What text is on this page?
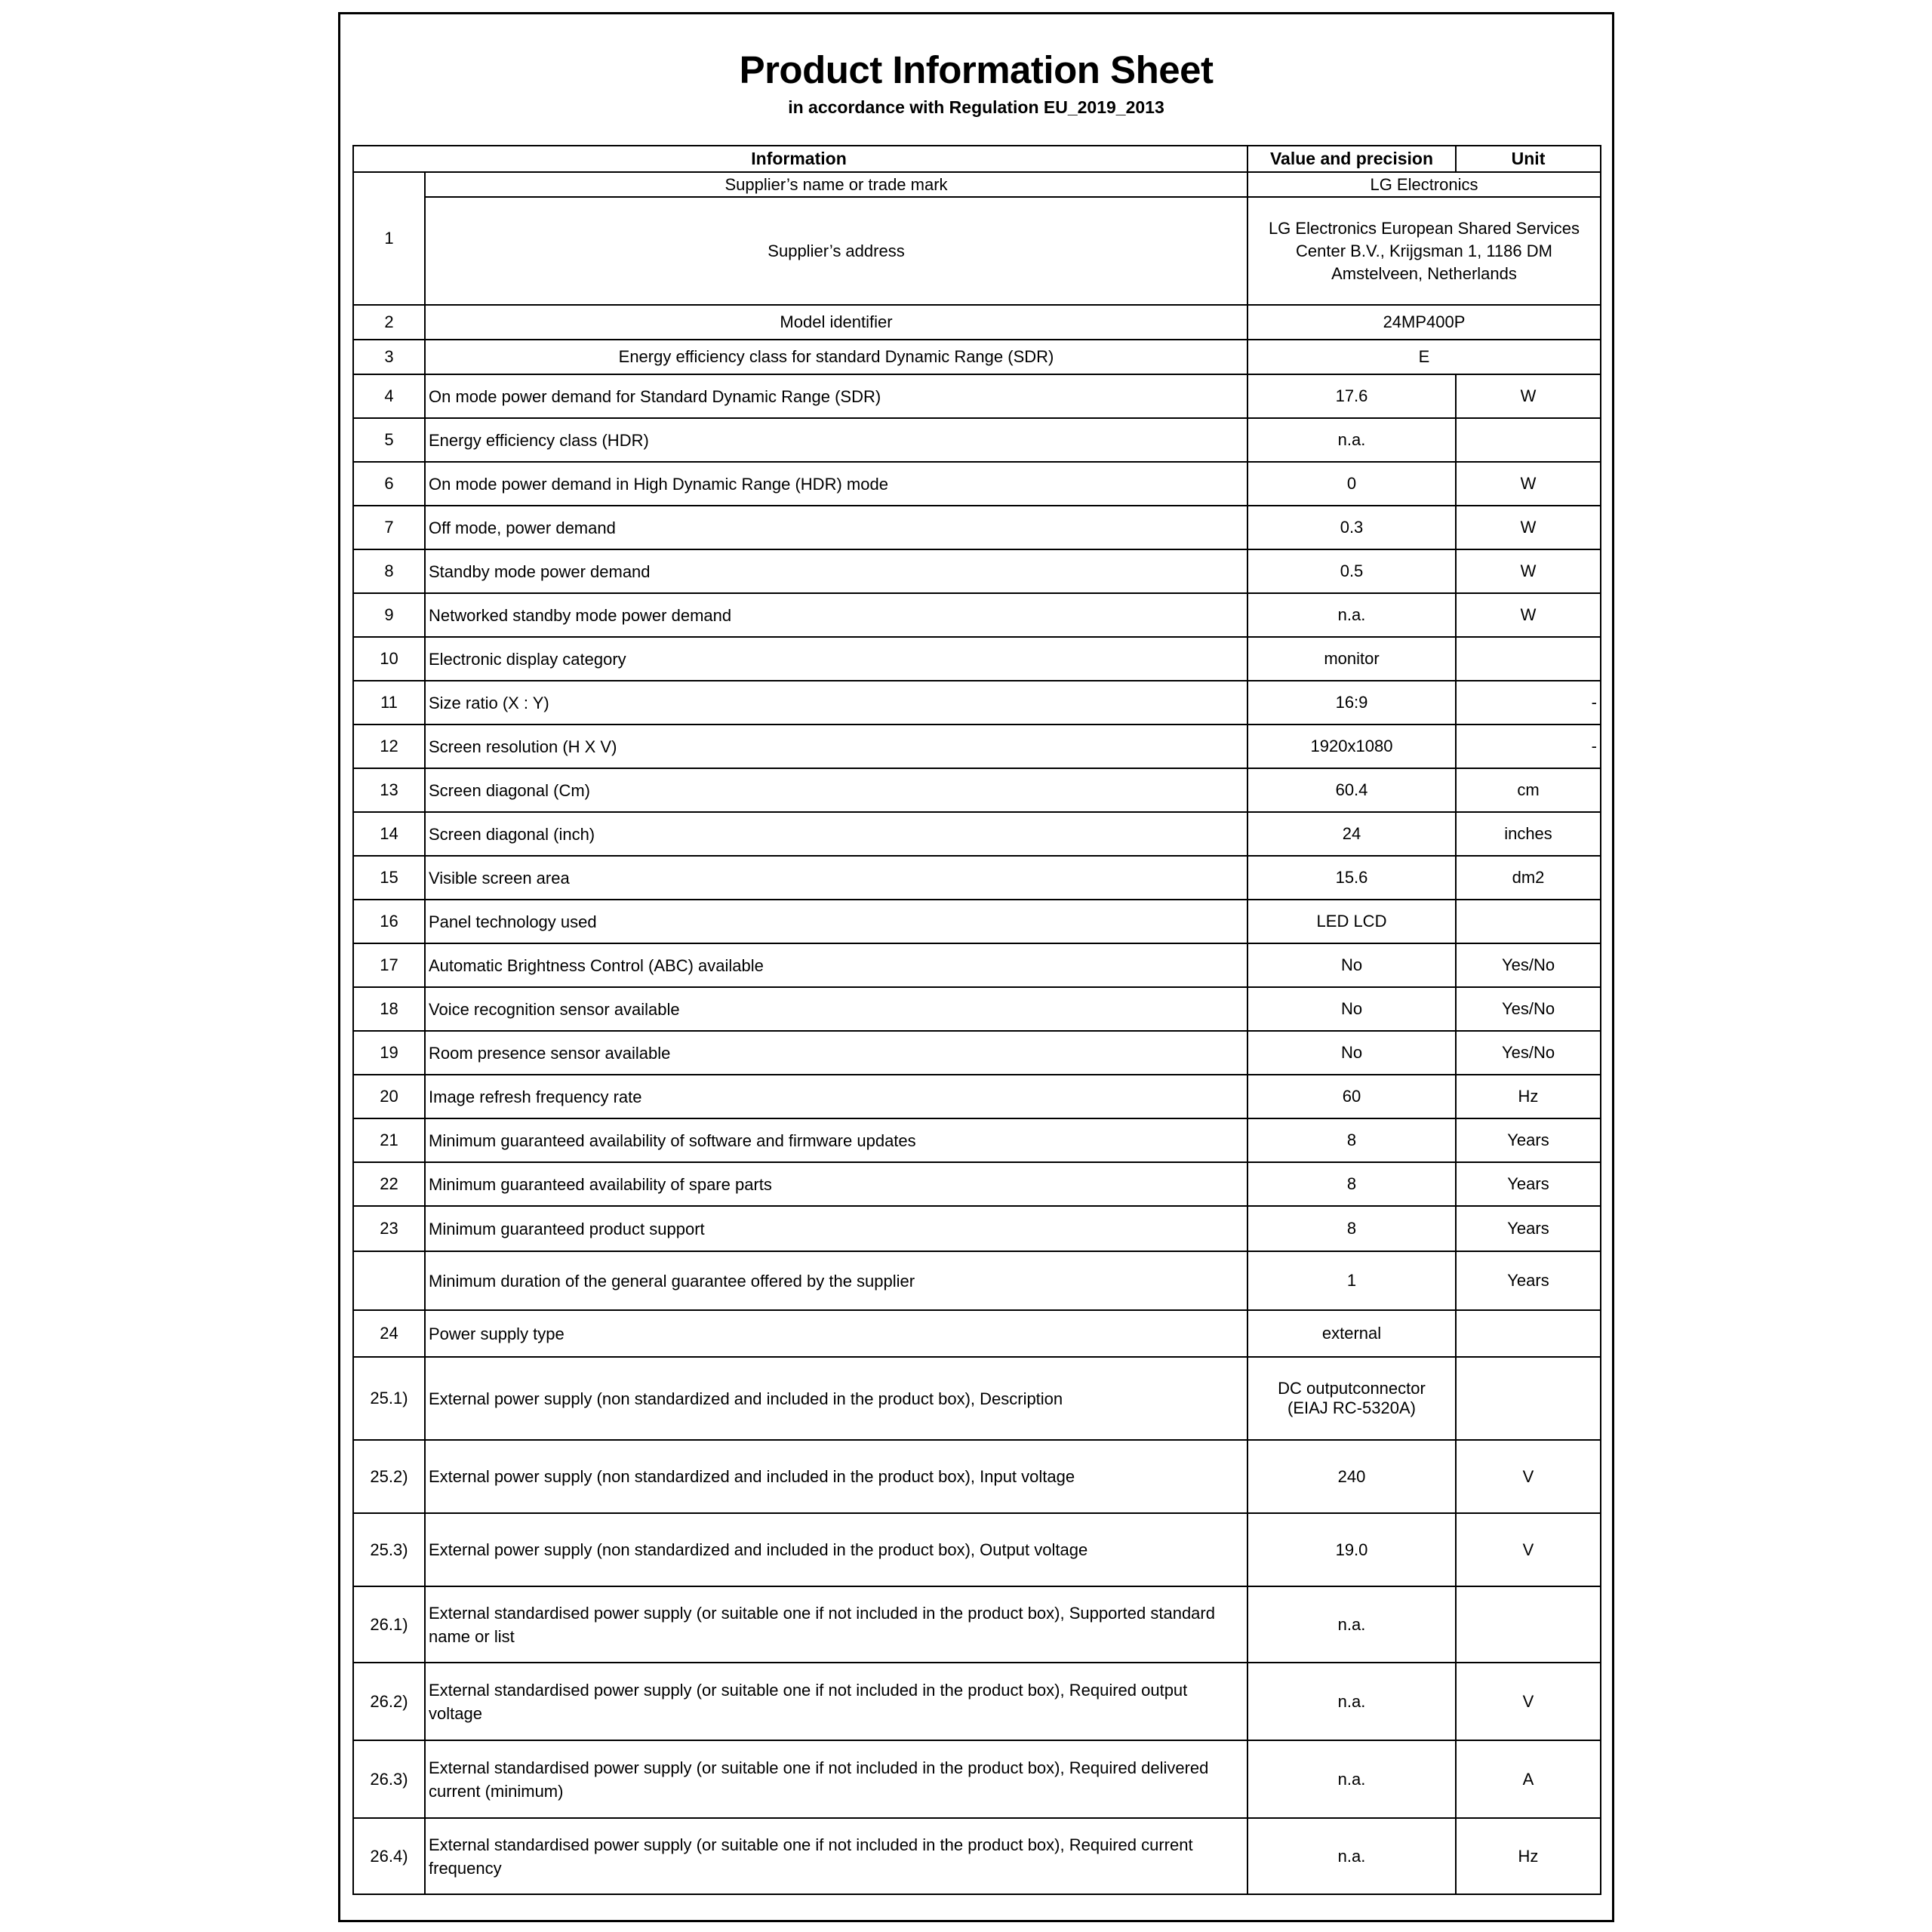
Product Information Sheet
in accordance with Regulation EU_2019_2013
Information		Value and precision	Unit
1	Supplier’s name or trade mark	LG Electronics	
	Supplier’s address	LG Electronics European Shared Services Center B.V., Krijgsman 1, 1186 DM Amstelveen, Netherlands	
2	Model identifier	24MP400P	
3	Energy efficiency class for standard Dynamic Range (SDR)	E	
4	On mode power demand for Standard Dynamic Range (SDR)	17.6	W
5	Energy efficiency class (HDR)	n.a.	
6	On mode power demand in High Dynamic Range (HDR) mode	0	W
7	Off mode, power demand	0.3	W
8	Standby mode power demand	0.5	W
9	Networked standby mode power demand	n.a.	W
10	Electronic display category	monitor	
11	Size ratio (X : Y)	16:9	-
12	Screen resolution (H X V)	1920x1080	-
13	Screen diagonal (Cm)	60.4	cm
14	Screen diagonal (inch)	24	inches
15	Visible screen area	15.6	dm2
16	Panel technology used	LED LCD	
17	Automatic Brightness Control (ABC) available	No	Yes/No
18	Voice recognition sensor available	No	Yes/No
19	Room presence sensor available	No	Yes/No
20	Image refresh frequency rate	60	Hz
21	Minimum guaranteed availability of software and firmware updates	8	Years
22	Minimum guaranteed availability of spare parts	8	Years
23	Minimum guaranteed product support	8	Years
	Minimum duration of the general guarantee offered by the supplier	1	Years
24	Power supply type	external	
25.1)	External power supply (non standardized and included in the product box), Description	DC outputconnector (EIAJ RC-5320A)	
25.2)	External power supply (non standardized and included in the product box), Input voltage	240	V
25.3)	External power supply (non standardized and included in the product box), Output voltage	19.0	V
26.1)	External standardised power supply (or suitable one if not included in the product box), Supported standard name or list	n.a.	
26.2)	External standardised power supply (or suitable one if not included in the product box), Required output voltage	n.a.	V
26.3)	External standardised power supply (or suitable one if not included in the product box), Required delivered current (minimum)	n.a.	A
26.4)	External standardised power supply (or suitable one if not included in the product box), Required current frequency	n.a.	Hz
